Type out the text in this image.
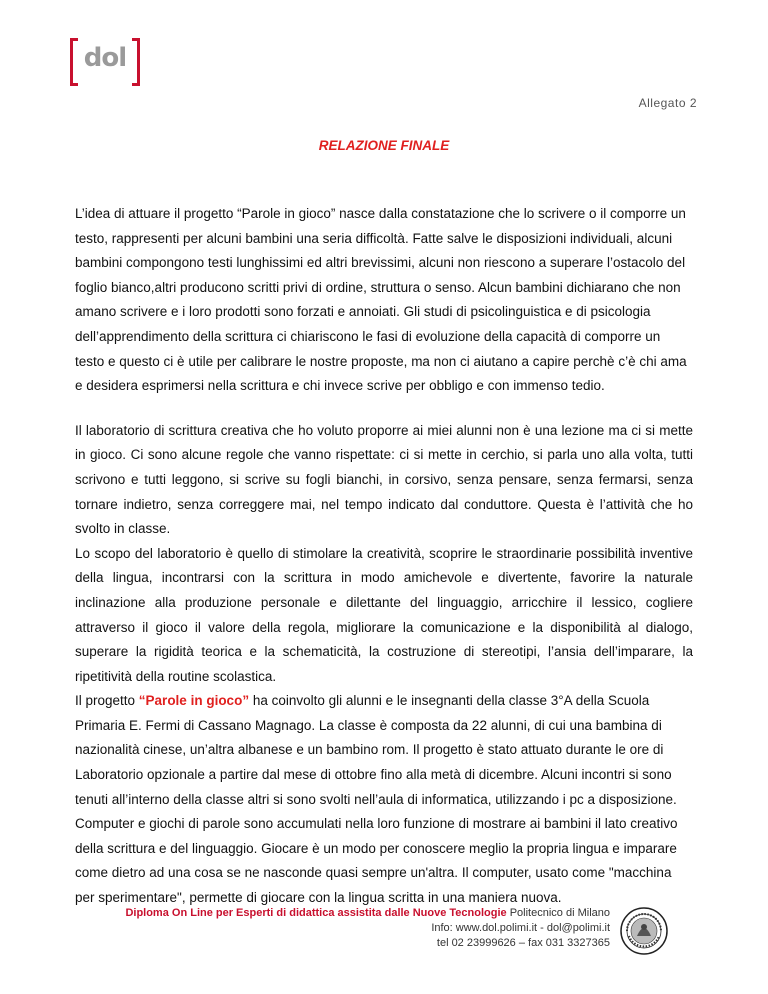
dol
Allegato 2
RELAZIONE FINALE

L’idea di attuare il progetto “Parole in gioco” nasce dalla constatazione che lo scrivere o il comporre un testo, rappresenti per alcuni bambini una seria difficoltà. Fatte salve le disposizioni individuali, alcuni bambini compongono testi lunghissimi ed altri brevissimi, alcuni non riescono a superare l’ostacolo del foglio bianco,altri producono scritti privi di ordine, struttura o senso. Alcun bambini dichiarano che non amano scrivere e i loro prodotti sono forzati e annoiati. Gli studi di psicolinguistica e di psicologia dell’apprendimento della scrittura ci chiariscono le fasi di evoluzione della capacità di comporre un testo e questo ci è utile per calibrare le nostre proposte, ma non ci aiutano a capire perchè c’è chi ama e desidera esprimersi nella scrittura e chi invece scrive per obbligo e con immenso tedio.

Il laboratorio di scrittura creativa che ho voluto proporre ai miei alunni non è una lezione ma ci si mette in gioco. Ci sono alcune regole che vanno rispettate: ci si mette in cerchio, si parla uno alla volta, tutti scrivono e tutti leggono, si scrive su fogli bianchi, in corsivo, senza pensare, senza fermarsi, senza tornare indietro, senza correggere mai, nel tempo indicato dal conduttore. Questa è l’attività che ho svolto in classe.

Lo scopo del laboratorio è quello di stimolare la creatività, scoprire le straordinarie possibilità inventive della lingua, incontrarsi con la scrittura in modo amichevole e divertente, favorire la naturale inclinazione alla produzione personale e dilettante del linguaggio, arricchire il lessico, cogliere attraverso il gioco il valore della regola, migliorare la comunicazione e la disponibilità al dialogo, superare la rigidità teorica e la schematicità, la costruzione di stereotipi, l’ansia dell’imparare, la ripetitività della routine scolastica.

Il progetto “Parole in gioco” ha coinvolto gli alunni e le insegnanti della classe 3°A della Scuola Primaria E. Fermi di Cassano Magnago. La classe è composta da 22 alunni, di cui una bambina di nazionalità cinese, un’altra albanese e un bambino rom. Il progetto è stato attuato durante le ore di Laboratorio opzionale a partire dal mese di ottobre fino alla metà di dicembre. Alcuni incontri si sono tenuti all’interno della classe altri si sono svolti nell’aula di informatica, utilizzando i pc a disposizione.

Computer e giochi di parole sono accumulati nella loro funzione di mostrare ai bambini il lato creativo della scrittura e del linguaggio. Giocare è un modo per conoscere meglio la propria lingua e imparare come dietro ad una cosa se ne nasconde quasi sempre un'altra. Il computer, usato come "macchina per sperimentare", permette di giocare con la lingua scritta in una maniera nuova.

Diploma On Line per Esperti di didattica assistita dalle Nuove Tecnologie Politecnico di Milano
Info: www.dol.polimi.it - dol@polimi.it
tel 02 23999626 – fax 031 3327365
